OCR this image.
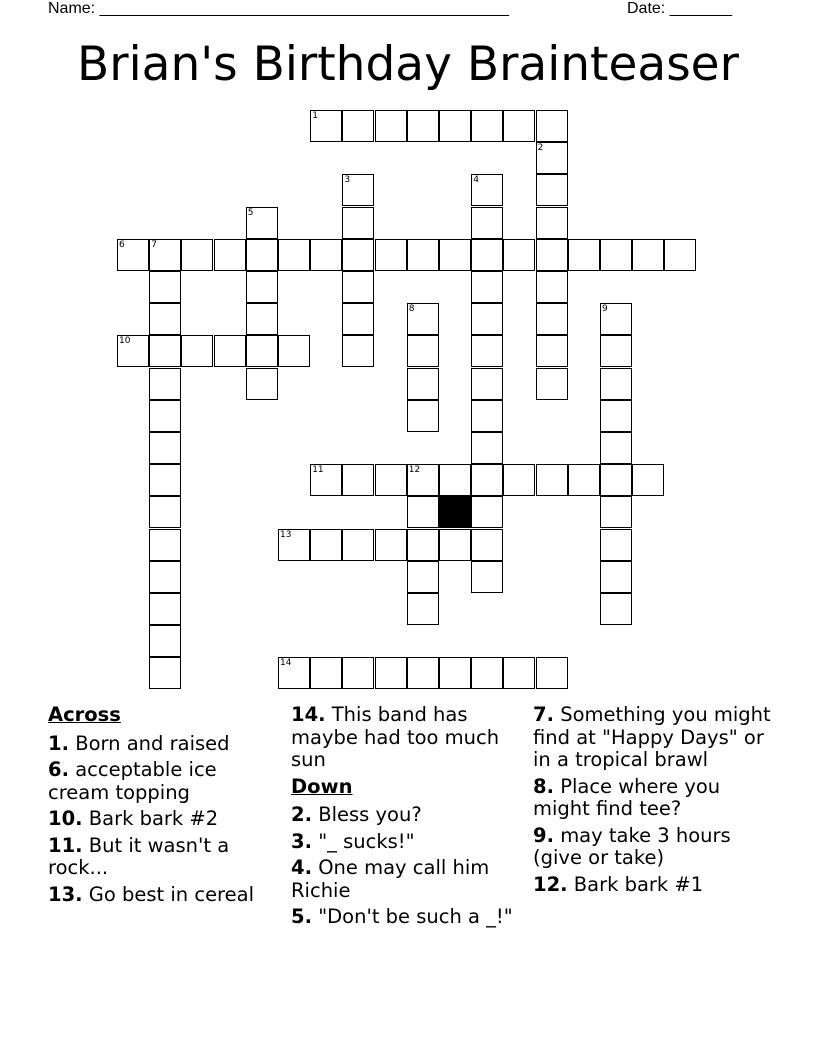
Name: ______________________________________________	Date: _______
Brian's Birthday Brainteaser
1
2
3	4
5
6	7
8	9
10
11	12
13
14
Across
1. Born and raised
6. acceptable ice cream topping
10. Bark bark #2
11. But it wasn't a rock...
13. Go best in cereal
14. This band has maybe had too much sun
Down
2. Bless you?
3. "_ sucks!"
4. One may call him Richie
5. "Don't be such a _!"
7. Something you might find at "Happy Days" or in a tropical brawl
8. Place where you might find tee?
9. may take 3 hours (give or take)
12. Bark bark #1
